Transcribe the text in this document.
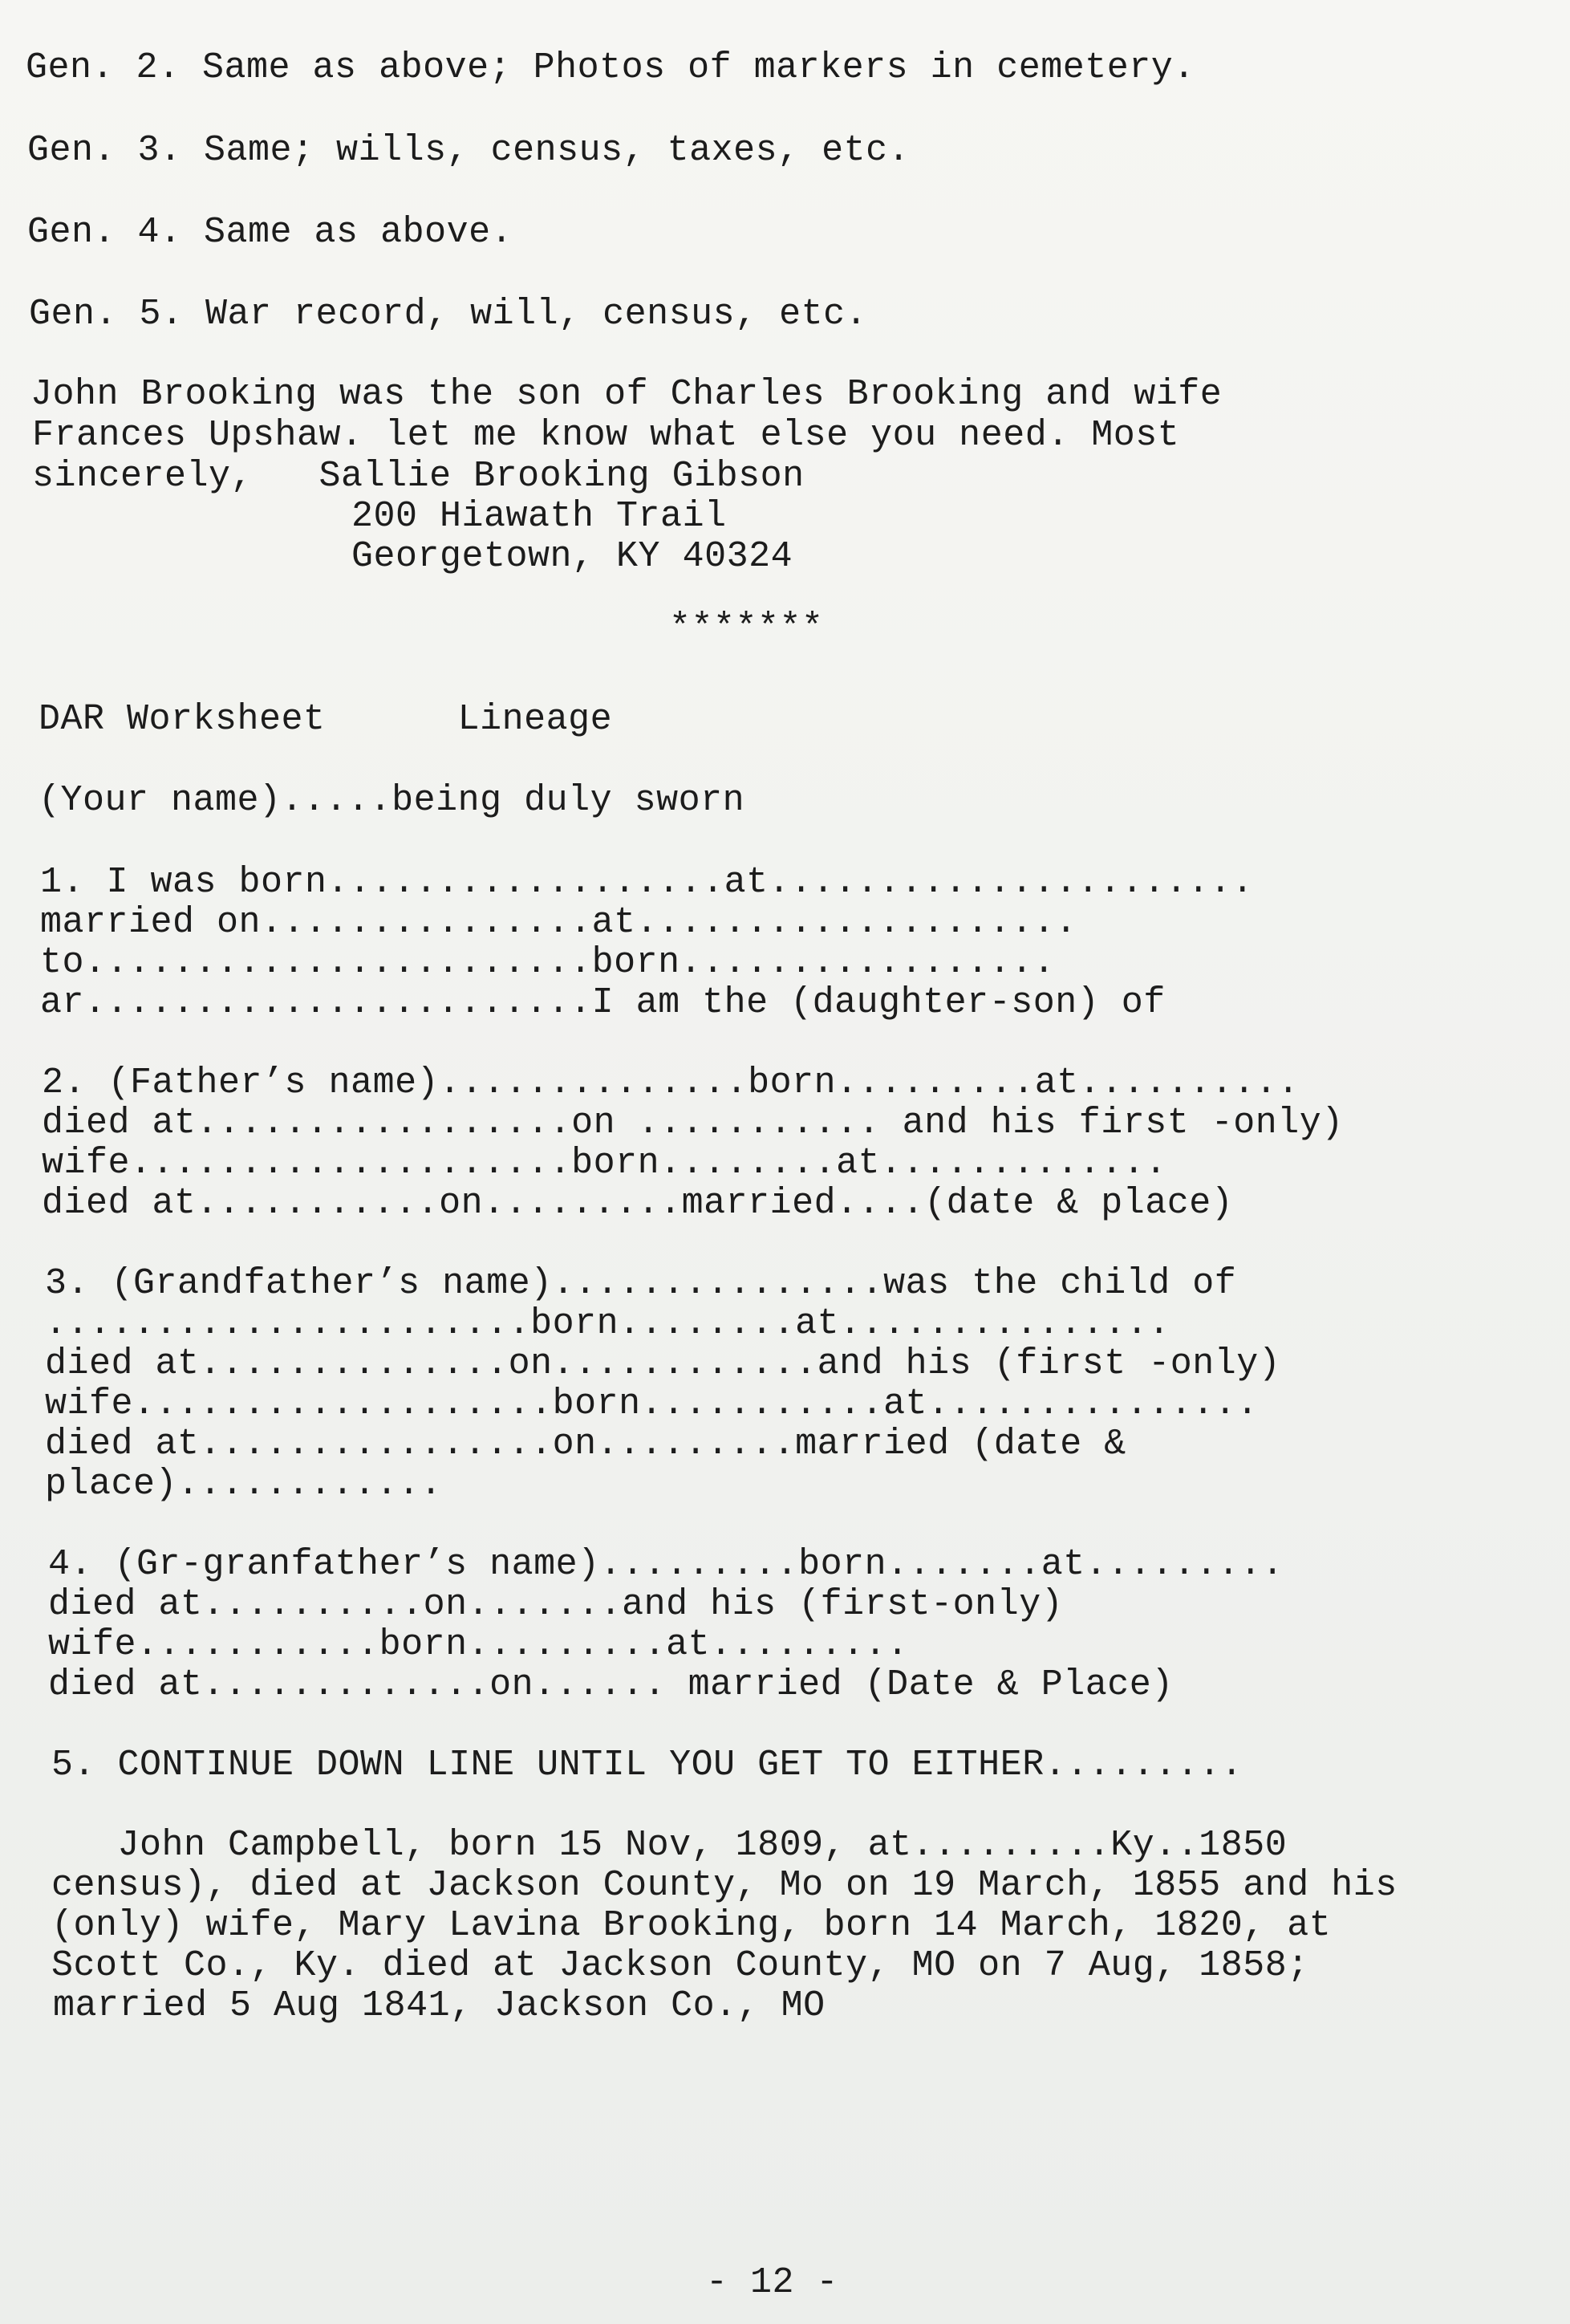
Gen. 2. Same as above; Photos of markers in cemetery.
Gen. 3. Same; wills, census, taxes, etc.
Gen. 4. Same as above.
Gen. 5. War record, will, census, etc.
John Brooking was the son of Charles Brooking and wife
Frances Upshaw. let me know what else you need. Most
sincerely,   Sallie Brooking Gibson
200 Hiawath Trail
Georgetown, KY 40324
*******
DAR Worksheet      Lineage
(Your name).....being duly sworn
1. I was born..................at......................
married on...............at....................
to.......................born.................
ar.......................I am the (daughter-son) of
2. (Father’s name)..............born.........at..........
died at.................on ........... and his first -only)
wife....................born........at.............
died at...........on.........married....(date & place)
3. (Grandfather’s name)...............was the child of
......................born........at...............
died at..............on............and his (first -only)
wife...................born...........at...............
died at................on.........married (date &
place)............
4. (Gr-granfather’s name).........born.......at.........
died at..........on.......and his (first-only)
wife...........born.........at.........
died at.............on...... married (Date & Place)
5. CONTINUE DOWN LINE UNTIL YOU GET TO EITHER.........
John Campbell, born 15 Nov, 1809, at.........Ky..1850
census), died at Jackson County, Mo on 19 March, 1855 and his
(only) wife, Mary Lavina Brooking, born 14 March, 1820, at
Scott Co., Ky. died at Jackson County, MO on 7 Aug, 1858;
married 5 Aug 1841, Jackson Co., MO
- 12 -
